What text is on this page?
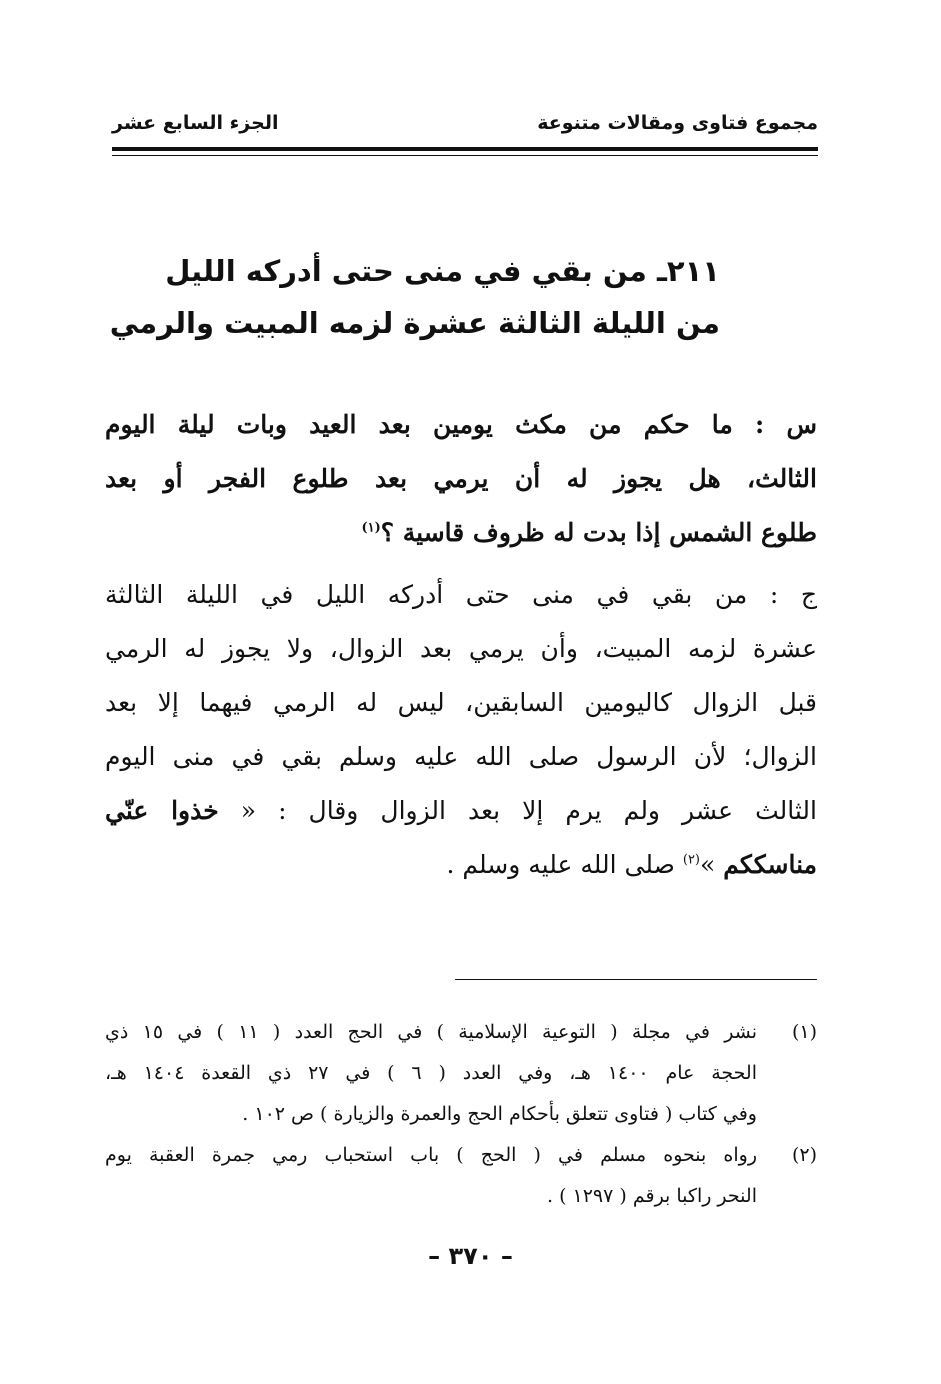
مجموع فتاوى ومقالات متنوعة
الجزء السابع عشر
٢١١ـ من بقي في منى حتى أدركه الليل
من الليلة الثالثة عشرة لزمه المبيت والرمي
س : ما حكم من مكث يومين بعد العيد وبات ليلة اليوم
الثالث، هل يجوز له أن يرمي بعد طلوع الفجر أو بعد
طلوع الشمس إذا بدت له ظروف قاسية ؟$^{(١)}$
ج : من بقي في منى حتى أدركه الليل في الليلة الثالثة
عشرة لزمه المبيت، وأن يرمي بعد الزوال، ولا يجوز له الرمي
قبل الزوال كاليومين السابقين، ليس له الرمي فيهما إلا بعد
الزوال؛ لأن الرسول صلى الله عليه وسلم بقي في منى اليوم
الثالث عشر ولم يرم إلا بعد الزوال وقال : « خذوا عنّي
مناسككم »$^{(٢)}$ صلى الله عليه وسلم .
(١)
نشر في مجلة ( التوعية الإسلامية ) في الحج العدد ( ١١ ) في ١٥ ذي
الحجة عام ١٤٠٠ هـ، وفي العدد ( ٦ ) في ٢٧ ذي القعدة ١٤٠٤ هـ،
وفي كتاب ( فتاوى تتعلق بأحكام الحج والعمرة والزيارة ) ص ١٠٢ .
(٢)
رواه بنحوه مسلم في ( الحج ) باب استحباب رمي جمرة العقبة يوم
النحر راكبا برقم ( ١٢٩٧ ) .
– ٣٧٠ –
